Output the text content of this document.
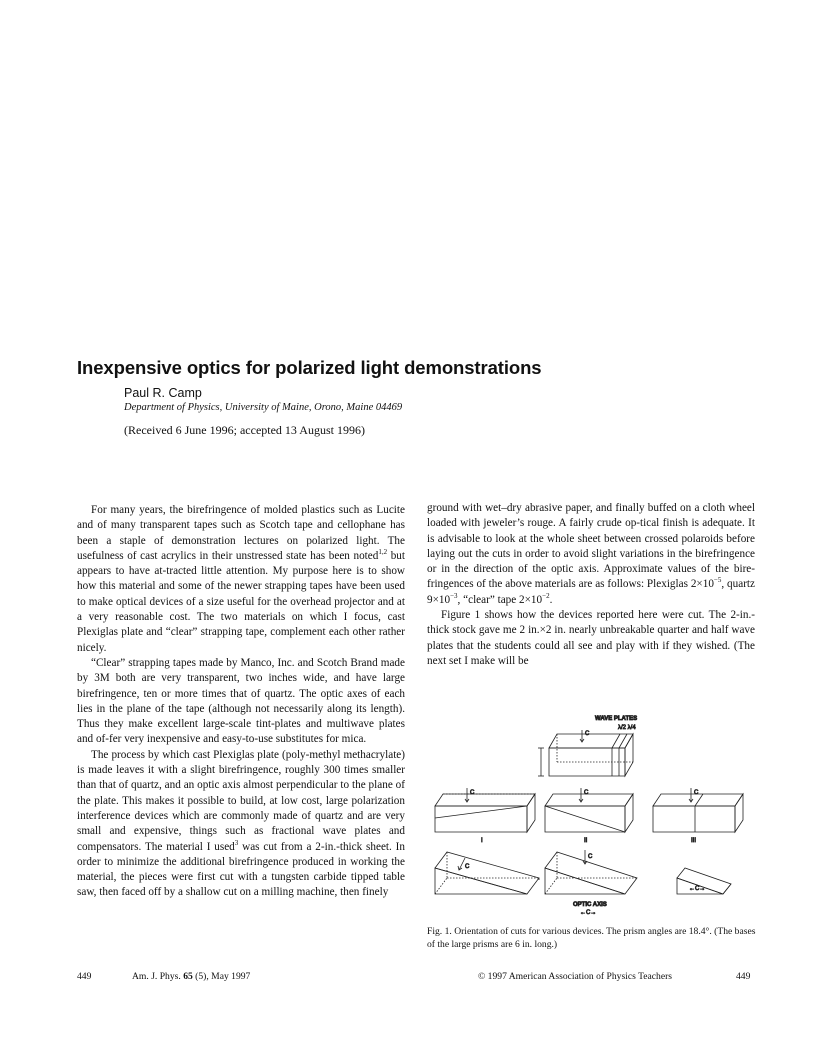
Inexpensive optics for polarized light demonstrations
Paul R. Camp
Department of Physics, University of Maine, Orono, Maine 04469
(Received 6 June 1996; accepted 13 August 1996)

For many years, the birefringence of molded plastics such as Lucite and of many transparent tapes such as Scotch tape and cellophane has been a staple of demonstration lectures on polarized light. The usefulness of cast acrylics in their unstressed state has been noted$^{1,2}$ but appears to have at-tracted little attention. My purpose here is to show how this material and some of the newer strapping tapes have been used to make optical devices of a size useful for the overhead projector and at a very reasonable cost. The two materials on which I focus, cast Plexiglas plate and “clear” strapping tape, complement each other rather nicely.

“Clear” strapping tapes made by Manco, Inc. and Scotch Brand made by 3M both are very transparent, two inches wide, and have large birefringence, ten or more times that of quartz. The optic axes of each lies in the plane of the tape (although not necessarily along its length). Thus they make excellent large-scale tint-plates and multiwave plates and of-fer very inexpensive and easy-to-use substitutes for mica.

The process by which cast Plexiglas plate (poly-methyl methacrylate) is made leaves it with a slight birefringence, roughly 300 times smaller than that of quartz, and an optic axis almost perpendicular to the plane of the plate. This makes it possible to build, at low cost, large polarization interference devices which are commonly made of quartz and are very small and expensive, things such as fractional wave plates and compensators. The material I used$^3$ was cut from a 2-in.-thick sheet. In order to minimize the additional birefringence produced in working the material, the pieces were first cut with a tungsten carbide tipped table saw, then faced off by a shallow cut on a milling machine, then finely

ground with wet–dry abrasive paper, and finally buffed on a cloth wheel loaded with jeweler’s rouge. A fairly crude op-tical finish is adequate. It is advisable to look at the whole sheet between crossed polaroids before laying out the cuts in order to avoid slight variations in the birefringence or in the direction of the optic axis. Approximate values of the bire-fringences of the above materials are as follows: Plexiglas $2\times 10^{-5}$, quartz $9\times 10^{-3}$, “clear” tape $2\times 10^{-2}$.

Figure 1 shows how the devices reported here were cut. The 2-in.-thick stock gave me 2 in.×2 in. nearly unbreakable quarter and half wave plates that the students could all see and play with if they wished. (The next set I make will be

WAVE PLATES
λ/2 λ/4
C
C
I
C
II
C
III
C
C
OPTIC AXIS
←C→
←C→

Fig. 1. Orientation of cuts for various devices. The prism angles are 18.4°. (The bases of the large prisms are 6 in. long.)

449	Am. J. Phys. 65 (5), May 1997	© 1997 American Association of Physics Teachers	449
